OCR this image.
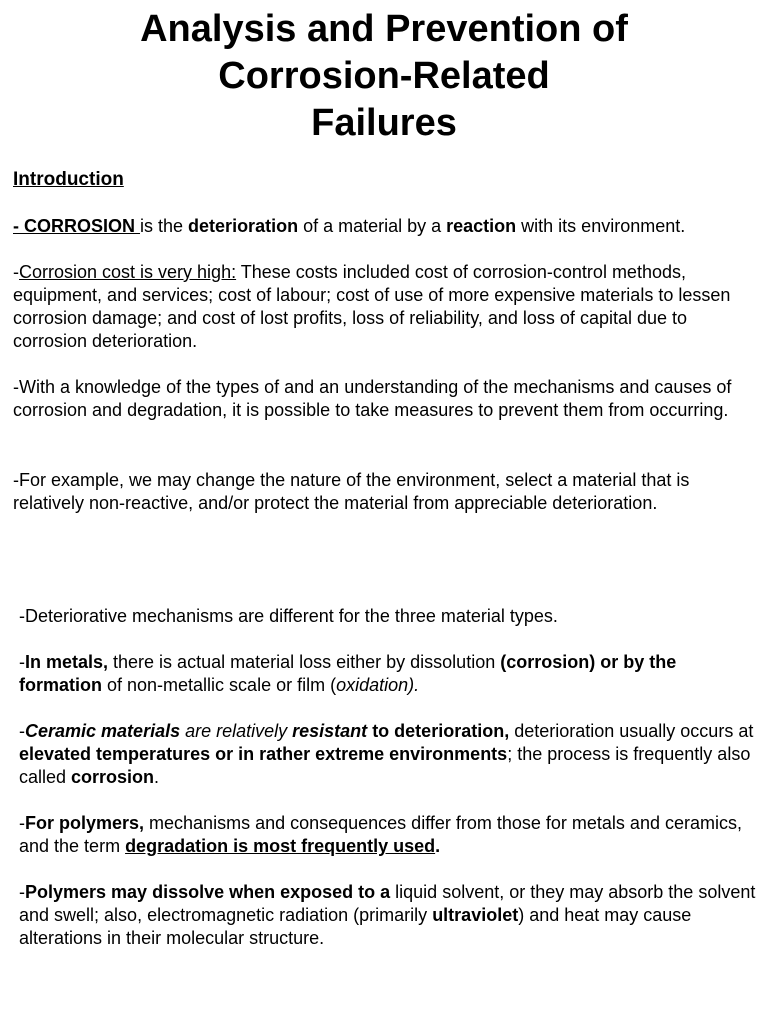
Analysis and Prevention of
Corrosion-Related
Failures
Introduction

- CORROSION is the deterioration of a material by a reaction with its environment.

-Corrosion cost is very high: These costs included cost of corrosion-control methods, equipment, and services; cost of labour; cost of use of more expensive materials to lessen corrosion damage; and cost of lost profits, loss of reliability, and loss of capital due to corrosion deterioration.

-With a knowledge of the types of and an understanding of the mechanisms and causes of corrosion and degradation, it is possible to take measures to prevent them from occurring.

-For example, we may change the nature of the environment, select a material that is relatively non-reactive, and/or protect the material from appreciable deterioration.

-Deteriorative mechanisms are different for the three material types.

-In metals, there is actual material loss either by dissolution (corrosion) or by the formation of non-metallic scale or film (oxidation).

-Ceramic materials are relatively resistant to deterioration, deterioration usually occurs at elevated temperatures or in rather extreme environments; the process is frequently also called corrosion.

-For polymers, mechanisms and consequences differ from those for metals and ceramics, and the term degradation is most frequently used.

-Polymers may dissolve when exposed to a liquid solvent, or they may absorb the solvent and swell; also, electromagnetic radiation (primarily ultraviolet) and heat may cause alterations in their molecular structure.
